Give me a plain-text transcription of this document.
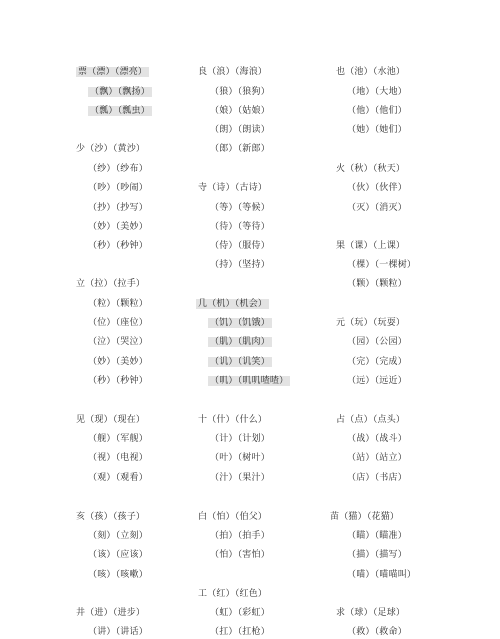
票（漂）（漂亮）
（飘）（飘扬）
（瓢）（瓢虫）
少（沙）（黄沙）
（纱）（纱布）
（吵）（吵闹）
（抄）（抄写）
（妙）（美妙）
（秒）（秒钟）
立（拉）（拉手）
（粒）（颗粒）
（位）（座位）
（泣）（哭泣）
（妙）（美妙）
（秒）（秒钟）
见（现）（现在）
（舰）（军舰）
（视）（电视）
（观）（观看）
亥（孩）（孩子）
（刻）（立刻）
（该）（应该）
（咳）（咳嗽）
井（进）（进步）
（讲）（讲话）
良（浪）（海浪）
（狼）（狼狗）
（娘）（姑娘）
（朗）（朗读）
（郎）（新郎）
寺（诗）（古诗）
（等）（等候）
（待）（等待）
（侍）（服侍）
（持）（坚持）
几（机）（机会）
（饥）（饥饿）
（肌）（肌肉）
（讥）（讥笑）
（叽）（叽叽喳喳）
十（什）（什么）
（计）（计划）
（叶）（树叶）
（汁）（果汁）
白（怕）（伯父）
（拍）（拍手）
（怕）（害怕）
工（红）（红色）
（虹）（彩虹）
（扛）（扛枪）
也（池）（水池）
（地）（大地）
（他）（他们）
（她）（她们）
火（秋）（秋天）
（伙）（伙伴）
（灭）（消灭）
果（课）（上课）
（棵）（一棵树）
（颗）（颗粒）
元（玩）（玩耍）
（园）（公园）
（完）（完成）
（远）（远近）
占（点）（点头）
（战）（战斗）
（站）（站立）
（店）（书店）
苗（猫）（花猫）
（瞄）（瞄准）
（描）（描写）
（喵）（喵喵叫）
求（球）（足球）
（救）（救命）
